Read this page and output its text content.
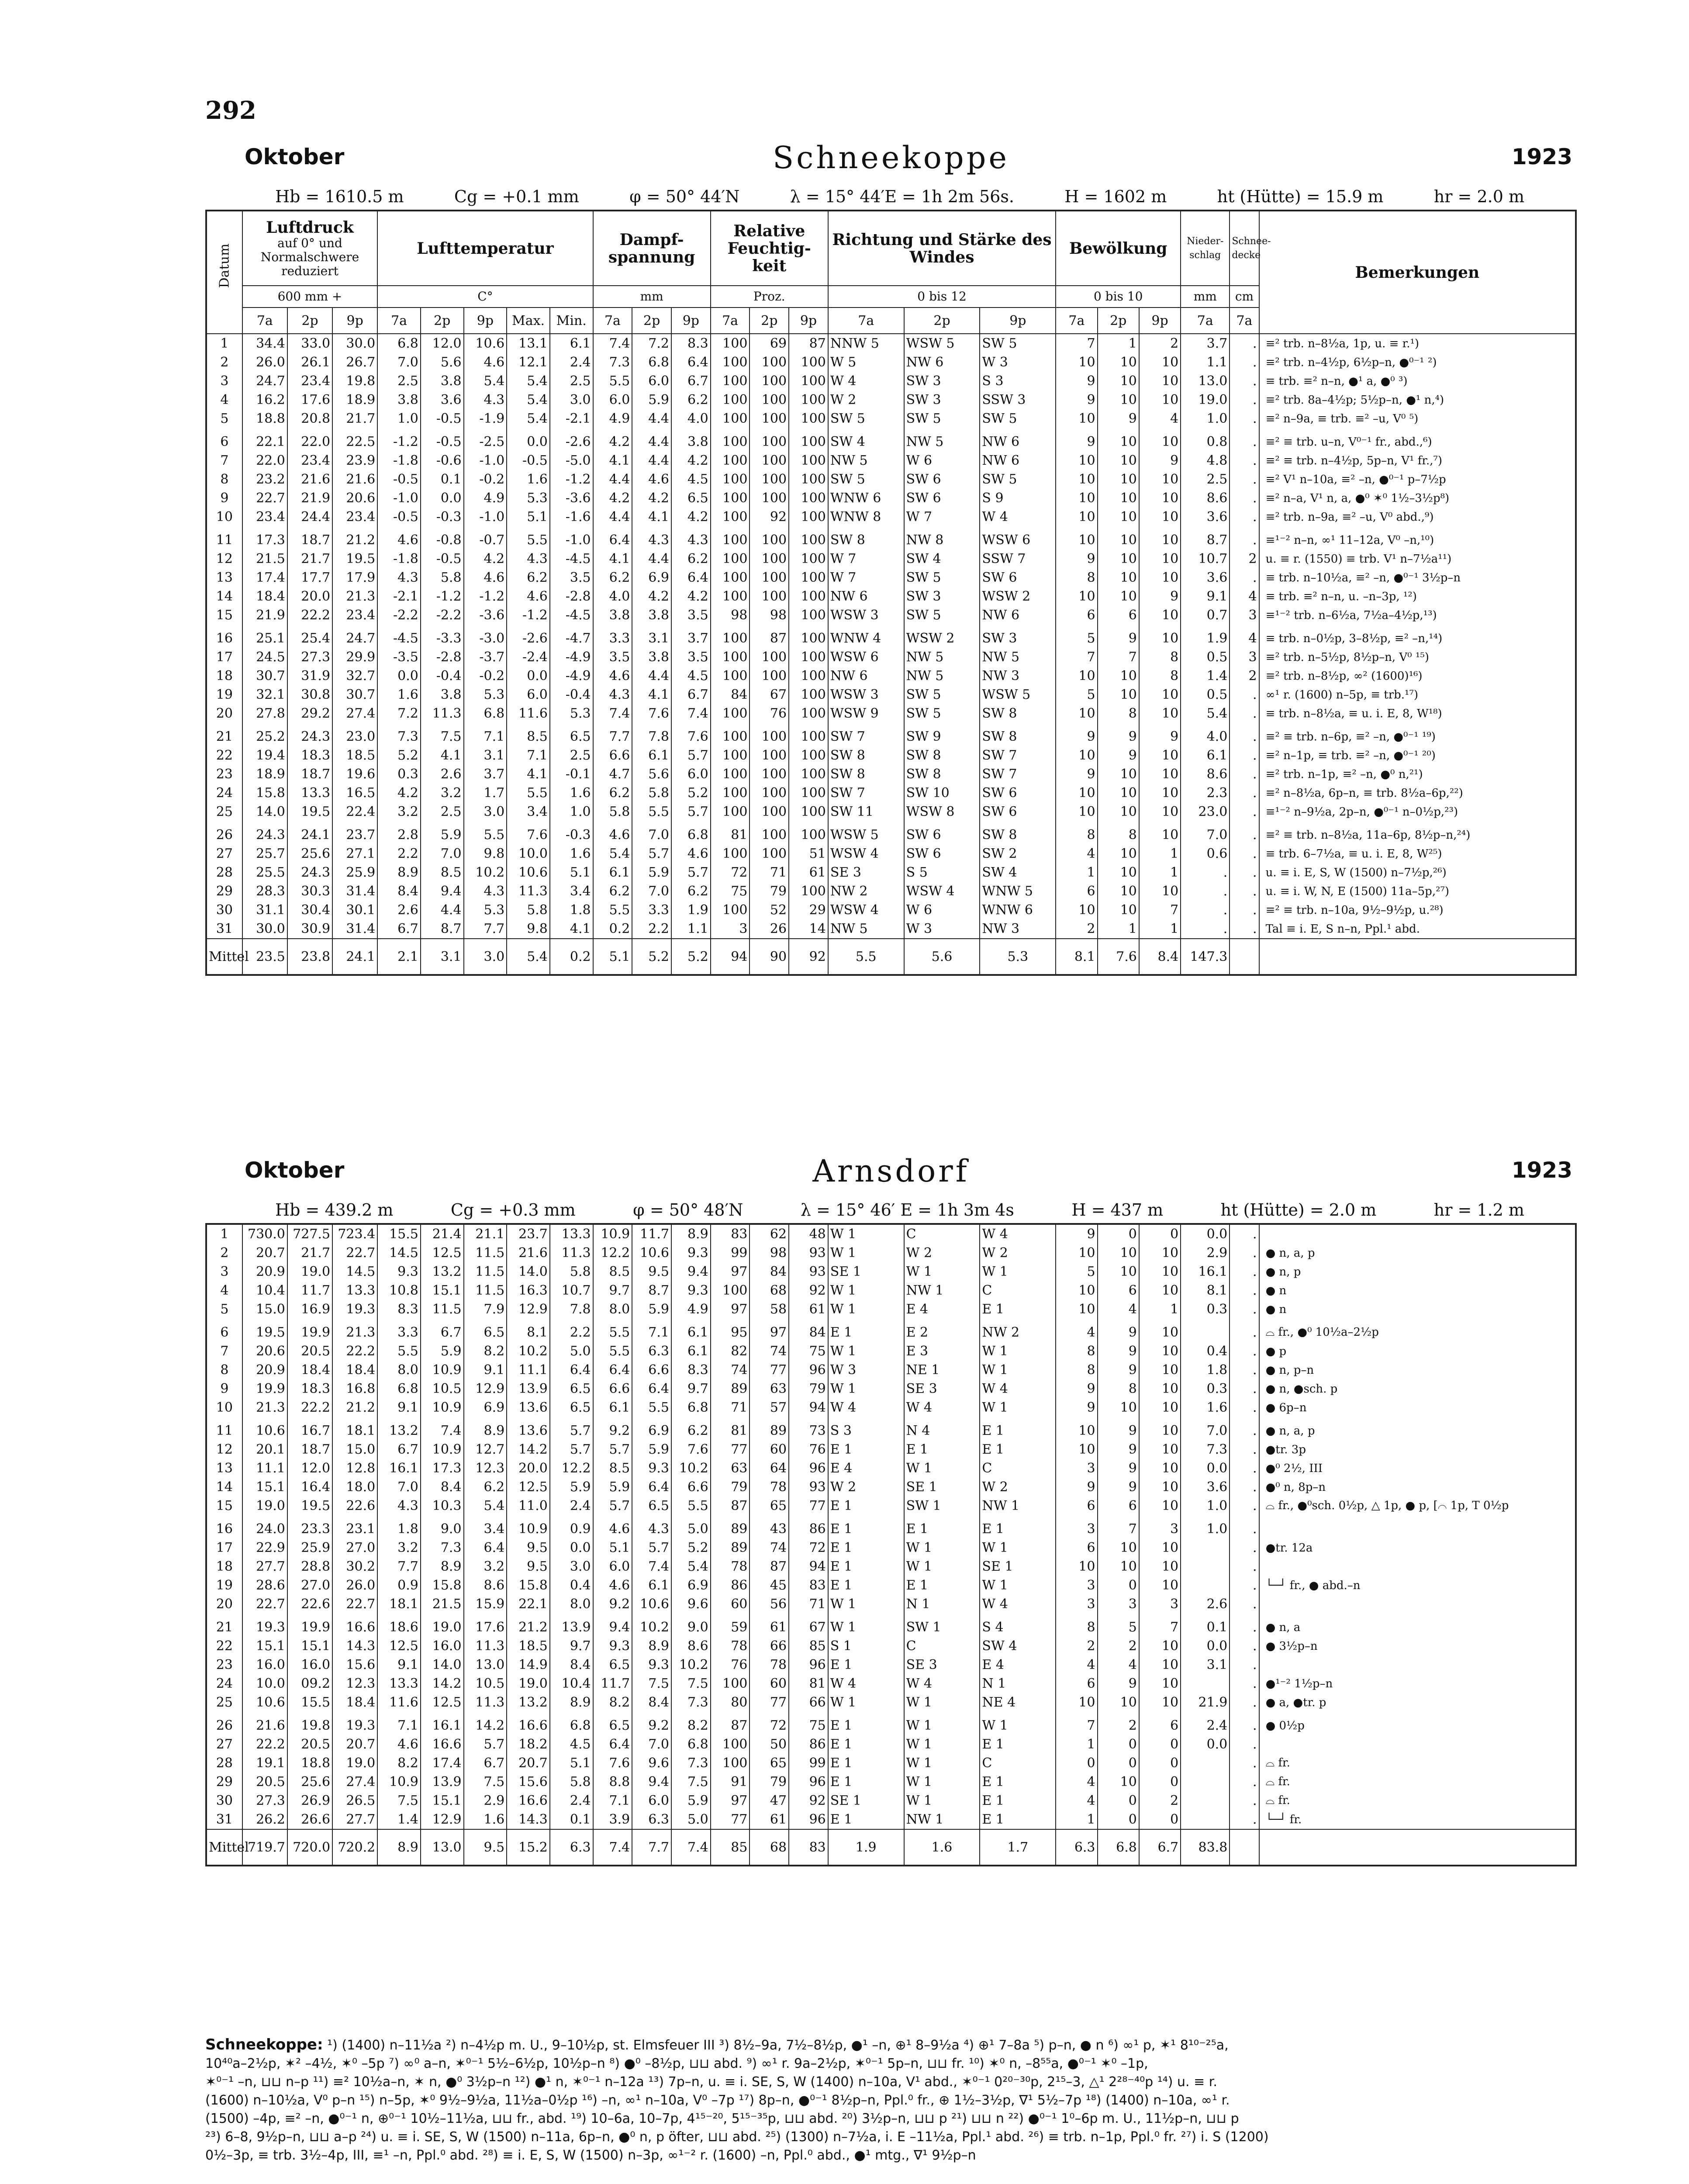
292
Oktober	Schneekoppe	1923
Hb = 1610.5 m	Cg = +0.1 mm	φ = 50° 44′N	λ = 15° 44′E = 1h 2m 56s.	H = 1602 m	ht (Hütte) = 15.9 m	hr = 2.0 m
Datum	Luftdruck
auf 0° und Normalschwere reduziert			Lufttemperatur					Dampf-spannung			Relative Feuchtig-keit			Richtung und Stärke des Windes			Bewölkung			Nieder-schlag	Schnee-decke	Bemerkungen
	600 mm +			C°					mm			Proz.			0 bis 12			0 bis 10			mm	cm	
	7a	2p	9p	7a	2p	9p	Max.	Min.	7a	2p	9p	7a	2p	9p	7a	2p	9p	7a	2p	9p	7a	7a	
1	34.4	33.0	30.0	6.8	12.0	10.6	13.1	6.1	7.4	7.2	8.3	100	69	87	NNW 5	WSW 5	SW 5	7	1	2	3.7	.	≡² trb. n–8½a, 1p, u. ≡ r.¹)
2	26.0	26.1	26.7	7.0	5.6	4.6	12.1	2.4	7.3	6.8	6.4	100	100	100	W 5	NW 6	W 3	10	10	10	1.1	.	≡² trb. n–4½p, 6½p–n, ●⁰⁻¹ ²)
3	24.7	23.4	19.8	2.5	3.8	5.4	5.4	2.5	5.5	6.0	6.7	100	100	100	W 4	SW 3	S 3	9	10	10	13.0	.	≡ trb. ≡² n–n, ●¹ a, ●⁰ ³)
4	16.2	17.6	18.9	3.8	3.6	4.3	5.4	3.0	6.0	5.9	6.2	100	100	100	W 2	SW 3	SSW 3	9	10	10	19.0	.	≡² trb. 8a–4½p; 5½p–n, ●¹ n,⁴)
5	18.8	20.8	21.7	1.0	-0.5	-1.9	5.4	-2.1	4.9	4.4	4.0	100	100	100	SW 5	SW 5	SW 5	10	9	4	1.0	.	≡² n–9a, ≡ trb. ≡² –u, V⁰ ⁵)
6	22.1	22.0	22.5	-1.2	-0.5	-2.5	0.0	-2.6	4.2	4.4	3.8	100	100	100	SW 4	NW 5	NW 6	9	10	10	0.8	.	≡² ≡ trb. u–n, V⁰⁻¹ fr., abd.,⁶)
7	22.0	23.4	23.9	-1.8	-0.6	-1.0	-0.5	-5.0	4.1	4.4	4.2	100	100	100	NW 5	W 6	NW 6	10	10	9	4.8	.	≡² ≡ trb. n–4½p, 5p–n, V¹ fr.,⁷)
8	23.2	21.6	21.6	-0.5	0.1	-0.2	1.6	-1.2	4.4	4.6	4.5	100	100	100	SW 5	SW 6	SW 5	10	10	10	2.5	.	≡² V¹ n–10a, ≡² –n, ●⁰⁻¹ p–7½p
9	22.7	21.9	20.6	-1.0	0.0	4.9	5.3	-3.6	4.2	4.2	6.5	100	100	100	WNW 6	SW 6	S 9	10	10	10	8.6	.	≡² n–a, V¹ n, a, ●⁰ ✶⁰ 1½–3½p⁸)
10	23.4	24.4	23.4	-0.5	-0.3	-1.0	5.1	-1.6	4.4	4.1	4.2	100	92	100	WNW 8	W 7	W 4	10	10	10	3.6	.	≡² trb. n–9a, ≡² –u, V⁰ abd.,⁹)
11	17.3	18.7	21.2	4.6	-0.8	-0.7	5.5	-1.0	6.4	4.3	4.3	100	100	100	SW 8	NW 8	WSW 6	10	10	10	8.7	.	≡¹⁻² n–n, ∞¹ 11–12a, V⁰ –n,¹⁰)
12	21.5	21.7	19.5	-1.8	-0.5	4.2	4.3	-4.5	4.1	4.4	6.2	100	100	100	W 7	SW 4	SSW 7	9	10	10	10.7	2	u. ≡ r. (1550) ≡ trb. V¹ n–7½a¹¹)
13	17.4	17.7	17.9	4.3	5.8	4.6	6.2	3.5	6.2	6.9	6.4	100	100	100	W 7	SW 5	SW 6	8	10	10	3.6	.	≡ trb. n–10½a, ≡² –n, ●⁰⁻¹ 3½p–n
14	18.4	20.0	21.3	-2.1	-1.2	-1.2	4.6	-2.8	4.0	4.2	4.2	100	100	100	NW 6	SW 3	WSW 2	10	10	9	9.1	4	≡ trb. ≡² n–n, u. –n–3p, ¹²)
15	21.9	22.2	23.4	-2.2	-2.2	-3.6	-1.2	-4.5	3.8	3.8	3.5	98	98	100	WSW 3	SW 5	NW 6	6	6	10	0.7	3	≡¹⁻² trb. n–6½a, 7½a–4½p,¹³)
16	25.1	25.4	24.7	-4.5	-3.3	-3.0	-2.6	-4.7	3.3	3.1	3.7	100	87	100	WNW 4	WSW 2	SW 3	5	9	10	1.9	4	≡ trb. n–0½p, 3–8½p, ≡² –n,¹⁴)
17	24.5	27.3	29.9	-3.5	-2.8	-3.7	-2.4	-4.9	3.5	3.8	3.5	100	100	100	WSW 6	NW 5	NW 5	7	7	8	0.5	3	≡² trb. n–5½p, 8½p–n, V⁰ ¹⁵)
18	30.7	31.9	32.7	0.0	-0.4	-0.2	0.0	-4.9	4.6	4.4	4.5	100	100	100	NW 6	NW 5	NW 3	10	10	8	1.4	2	≡² trb. n–8½p, ∞² (1600)¹⁶)
19	32.1	30.8	30.7	1.6	3.8	5.3	6.0	-0.4	4.3	4.1	6.7	84	67	100	WSW 3	SW 5	WSW 5	5	10	10	0.5	.	∞¹ r. (1600) n–5p, ≡ trb.¹⁷)
20	27.8	29.2	27.4	7.2	11.3	6.8	11.6	5.3	7.4	7.6	7.4	100	76	100	WSW 9	SW 5	SW 8	10	8	10	5.4	.	≡ trb. n–8½a, ≡ u. i. E, 8, W¹⁸)
21	25.2	24.3	23.0	7.3	7.5	7.1	8.5	6.5	7.7	7.8	7.6	100	100	100	SW 7	SW 9	SW 8	9	9	9	4.0	.	≡² ≡ trb. n–6p, ≡² –n, ●⁰⁻¹ ¹⁹)
22	19.4	18.3	18.5	5.2	4.1	3.1	7.1	2.5	6.6	6.1	5.7	100	100	100	SW 8	SW 8	SW 7	10	9	10	6.1	.	≡² n–1p, ≡ trb. ≡² –n, ●⁰⁻¹ ²⁰)
23	18.9	18.7	19.6	0.3	2.6	3.7	4.1	-0.1	4.7	5.6	6.0	100	100	100	SW 8	SW 8	SW 7	9	10	10	8.6	.	≡² trb. n–1p, ≡² –n, ●⁰ n,²¹)
24	15.8	13.3	16.5	4.2	3.2	1.7	5.5	1.6	6.2	5.8	5.2	100	100	100	SW 7	SW 10	SW 6	10	10	10	2.3	.	≡² n–8½a, 6p–n, ≡ trb. 8½a–6p,²²)
25	14.0	19.5	22.4	3.2	2.5	3.0	3.4	1.0	5.8	5.5	5.7	100	100	100	SW 11	WSW 8	SW 6	10	10	10	23.0	.	≡¹⁻² n–9½a, 2p–n, ●⁰⁻¹ n–0½p,²³)
26	24.3	24.1	23.7	2.8	5.9	5.5	7.6	-0.3	4.6	7.0	6.8	81	100	100	WSW 5	SW 6	SW 8	8	8	10	7.0	.	≡² ≡ trb. n–8½a, 11a–6p, 8½p–n,²⁴)
27	25.7	25.6	27.1	2.2	7.0	9.8	10.0	1.6	5.4	5.7	4.6	100	100	51	WSW 4	SW 6	SW 2	4	10	1	0.6	.	≡ trb. 6–7½a, ≡ u. i. E, 8, W²⁵)
28	25.5	24.3	25.9	8.9	8.5	10.2	10.6	5.1	6.1	5.9	5.7	72	71	61	SE 3	S 5	SW 4	1	10	1	.	.	u. ≡ i. E, S, W (1500) n–7½p,²⁶)
29	28.3	30.3	31.4	8.4	9.4	4.3	11.3	3.4	6.2	7.0	6.2	75	79	100	NW 2	WSW 4	WNW 5	6	10	10	.	.	u. ≡ i. W, N, E (1500) 11a–5p,²⁷)
30	31.1	30.4	30.1	2.6	4.4	5.3	5.8	1.8	5.5	3.3	1.9	100	52	29	WSW 4	W 6	WNW 6	10	10	7	.	.	≡² ≡ trb. n–10a, 9½–9½p, u.²⁸)
31	30.0	30.9	31.4	6.7	8.7	7.7	9.8	4.1	0.2	2.2	1.1	3	26	14	NW 5	W 3	NW 3	2	1	1	.	.	Tal ≡ i. E, S n–n, Ppl.¹ abd.
Mittel	23.5	23.8	24.1	2.1	3.1	3.0	5.4	0.2	5.1	5.2	5.2	94	90	92	5.5	5.6	5.3	8.1	7.6	8.4	147.3		
Oktober	Arnsdorf	1923
Hb = 439.2 m	Cg = +0.3 mm	φ = 50° 48′N	λ = 15° 46′ E = 1h 3m 4s	H = 437 m	ht (Hütte) = 2.0 m	hr = 1.2 m
1	730.0	727.5	723.4	15.5	21.4	21.1	23.7	13.3	10.9	11.7	8.9	83	62	48	W 1	C	W 4	9	0	0	0.0	.	
2	20.7	21.7	22.7	14.5	12.5	11.5	21.6	11.3	12.2	10.6	9.3	99	98	93	W 1	W 2	W 2	10	10	10	2.9	.	● n, a, p
3	20.9	19.0	14.5	9.3	13.2	11.5	14.0	5.8	8.5	9.5	9.4	97	84	93	SE 1	W 1	W 1	5	10	10	16.1	.	● n, p
4	10.4	11.7	13.3	10.8	15.1	11.5	16.3	10.7	9.7	8.7	9.3	100	68	92	W 1	NW 1	C	10	6	10	8.1	.	● n
5	15.0	16.9	19.3	8.3	11.5	7.9	12.9	7.8	8.0	5.9	4.9	97	58	61	W 1	E 4	E 1	10	4	1	0.3	.	● n
6	19.5	19.9	21.3	3.3	6.7	6.5	8.1	2.2	5.5	7.1	6.1	95	97	84	E 1	E 2	NW 2	4	9	10		.	⌓ fr., ●⁰ 10½a–2½p
7	20.6	20.5	22.2	5.5	5.9	8.2	10.2	5.0	5.5	6.3	6.1	82	74	75	W 1	E 3	W 1	8	9	10	0.4	.	● p
8	20.9	18.4	18.4	8.0	10.9	9.1	11.1	6.4	6.4	6.6	8.3	74	77	96	W 3	NE 1	W 1	8	9	10	1.8	.	● n, p–n
9	19.9	18.3	16.8	6.8	10.5	12.9	13.9	6.5	6.6	6.4	9.7	89	63	79	W 1	SE 3	W 4	9	8	10	0.3	.	● n, ●sch. p
10	21.3	22.2	21.2	9.1	10.9	6.9	13.6	6.5	6.1	5.5	6.8	71	57	94	W 4	W 4	W 1	9	10	10	1.6	.	● 6p–n
11	10.6	16.7	18.1	13.2	7.4	8.9	13.6	5.7	9.2	6.9	6.2	81	89	73	S 3	N 4	E 1	10	9	10	7.0	.	● n, a, p
12	20.1	18.7	15.0	6.7	10.9	12.7	14.2	5.7	5.7	5.9	7.6	77	60	76	E 1	E 1	E 1	10	9	10	7.3	.	●tr. 3p
13	11.1	12.0	12.8	16.1	17.3	12.3	20.0	12.2	8.5	9.3	10.2	63	64	96	E 4	W 1	C	3	9	10	0.0	.	●⁰ 2½, III
14	15.1	16.4	18.0	7.0	8.4	6.2	12.5	5.9	5.9	6.4	6.6	79	78	93	W 2	SE 1	W 2	9	9	10	3.6	.	●⁰ n, 8p–n
15	19.0	19.5	22.6	4.3	10.3	5.4	11.0	2.4	5.7	6.5	5.5	87	65	77	E 1	SW 1	NW 1	6	6	10	1.0	.	⌓ fr., ●⁰sch. 0½p, △ 1p, ● p, [⌒ 1p, T 0½p
16	24.0	23.3	23.1	1.8	9.0	3.4	10.9	0.9	4.6	4.3	5.0	89	43	86	E 1	E 1	E 1	3	7	3	1.0	.	
17	22.9	25.9	27.0	3.2	7.3	6.4	9.5	0.0	5.1	5.7	5.2	89	74	72	E 1	W 1	W 1	6	10	10		.	●tr. 12a
18	27.7	28.8	30.2	7.7	8.9	3.2	9.5	3.0	6.0	7.4	5.4	78	87	94	E 1	W 1	SE 1	10	10	10		.	
19	28.6	27.0	26.0	0.9	15.8	8.6	15.8	0.4	4.6	6.1	6.9	86	45	83	E 1	E 1	W 1	3	0	10		.	└─┘ fr., ● abd.–n
20	22.7	22.6	22.7	18.1	21.5	15.9	22.1	8.0	9.2	10.6	9.6	60	56	71	W 1	N 1	W 4	3	3	3	2.6	.	
21	19.3	19.9	16.6	18.6	19.0	17.6	21.2	13.9	9.4	10.2	9.0	59	61	67	W 1	SW 1	S 4	8	5	7	0.1	.	● n, a
22	15.1	15.1	14.3	12.5	16.0	11.3	18.5	9.7	9.3	8.9	8.6	78	66	85	S 1	C	SW 4	2	2	10	0.0	.	● 3½p–n
23	16.0	16.0	15.6	9.1	14.0	13.0	14.9	8.4	6.5	9.3	10.2	76	78	96	E 1	SE 3	E 4	4	4	10	3.1	.	
24	10.0	09.2	12.3	13.3	14.2	10.5	19.0	10.4	11.7	7.5	7.5	100	60	81	W 4	W 4	N 1	6	9	10		.	●¹⁻² 1½p–n
25	10.6	15.5	18.4	11.6	12.5	11.3	13.2	8.9	8.2	8.4	7.3	80	77	66	W 1	W 1	NE 4	10	10	10	21.9	.	● a, ●tr. p
26	21.6	19.8	19.3	7.1	16.1	14.2	16.6	6.8	6.5	9.2	8.2	87	72	75	E 1	W 1	W 1	7	2	6	2.4	.	● 0½p
27	22.2	20.5	20.7	4.6	16.6	5.7	18.2	4.5	6.4	7.0	6.8	100	50	86	E 1	W 1	E 1	1	0	0	0.0	.	
28	19.1	18.8	19.0	8.2	17.4	6.7	20.7	5.1	7.6	9.6	7.3	100	65	99	E 1	W 1	C	0	0	0		.	⌓ fr.
29	20.5	25.6	27.4	10.9	13.9	7.5	15.6	5.8	8.8	9.4	7.5	91	79	96	E 1	W 1	E 1	4	10	0		.	⌓ fr.
30	27.3	26.9	26.5	7.5	15.1	2.9	16.6	2.4	7.1	6.0	5.9	97	47	92	SE 1	W 1	E 1	4	0	2		.	⌓ fr.
31	26.2	26.6	27.7	1.4	12.9	1.6	14.3	0.1	3.9	6.3	5.0	77	61	96	E 1	NW 1	E 1	1	0	0		.	└─┘ fr.
Mittel	719.7	720.0	720.2	8.9	13.0	9.5	15.2	6.3	7.4	7.7	7.4	85	68	83	1.9	1.6	1.7	6.3	6.8	6.7	83.8		
Schneekoppe: ¹) (1400) n–11½a ²) n–4½p m. U., 9–10½p, st. Elmsfeuer III ³) 8½–9a, 7½–8½p, ●¹ –n, ⊕¹ 8–9½a ⁴) ⊕¹ 7–8a ⁵) p–n, ● n ⁶) ∞¹ p, ✶¹ 8¹⁰⁻²⁵a,
10⁴⁰a–2½p, ✶² –4½, ✶⁰ –5p ⁷) ∞⁰ a–n, ✶⁰⁻¹ 5½–6½p, 10½p–n ⁸) ●⁰ –8½p, ⊔⊔ abd. ⁹) ∞¹ r. 9a–2½p, ✶⁰⁻¹ 5p–n, ⊔⊔ fr. ¹⁰) ✶⁰ n, –8⁵⁵a, ●⁰⁻¹ ✶⁰ –1p,
✶⁰⁻¹ –n, ⊔⊔ n–p ¹¹) ≡² 10½a–n, ✶ n, ●⁰ 3½p–n ¹²) ●¹ n, ✶⁰⁻¹ n–12a ¹³) 7p–n, u. ≡ i. SE, S, W (1400) n–10a, V¹ abd., ✶⁰⁻¹ 0²⁰⁻³⁰p, 2¹⁵–3, △¹ 2²⁸⁻⁴⁰p ¹⁴) u. ≡ r.
(1600) n–10½a, V⁰ p–n ¹⁵) n–5p, ✶⁰ 9½–9½a, 11½a–0½p ¹⁶) –n, ∞¹ n–10a, V⁰ –7p ¹⁷) 8p–n, ●⁰⁻¹ 8½p–n, Ppl.⁰ fr., ⊕ 1½–3½p, ∇¹ 5½–7p ¹⁸) (1400) n–10a, ∞¹ r.
(1500) –4p, ≡² –n, ●⁰⁻¹ n, ⊕⁰⁻¹ 10½–11½a, ⊔⊔ fr., abd. ¹⁹) 10–6a, 10–7p, 4¹⁵⁻²⁰, 5¹⁵⁻³⁵p, ⊔⊔ abd. ²⁰) 3½p–n, ⊔⊔ p ²¹) ⊔⊔ n ²²) ●⁰⁻¹ 1⁰–6p m. U., 11½p–n, ⊔⊔ p
²³) 6–8, 9½p–n, ⊔⊔ a–p ²⁴) u. ≡ i. SE, S, W (1500) n–11a, 6p–n, ●⁰ n, p öfter, ⊔⊔ abd. ²⁵) (1300) n–7½a, i. E –11½a, Ppl.¹ abd. ²⁶) ≡ trb. n–1p, Ppl.⁰ fr. ²⁷) i. S (1200)
0½–3p, ≡ trb. 3½–4p, III, ≡¹ –n, Ppl.⁰ abd. ²⁸) ≡ i. E, S, W (1500) n–3p, ∞¹⁻² r. (1600) –n, Ppl.⁰ abd., ●¹ mtg., ∇¹ 9½p–n
